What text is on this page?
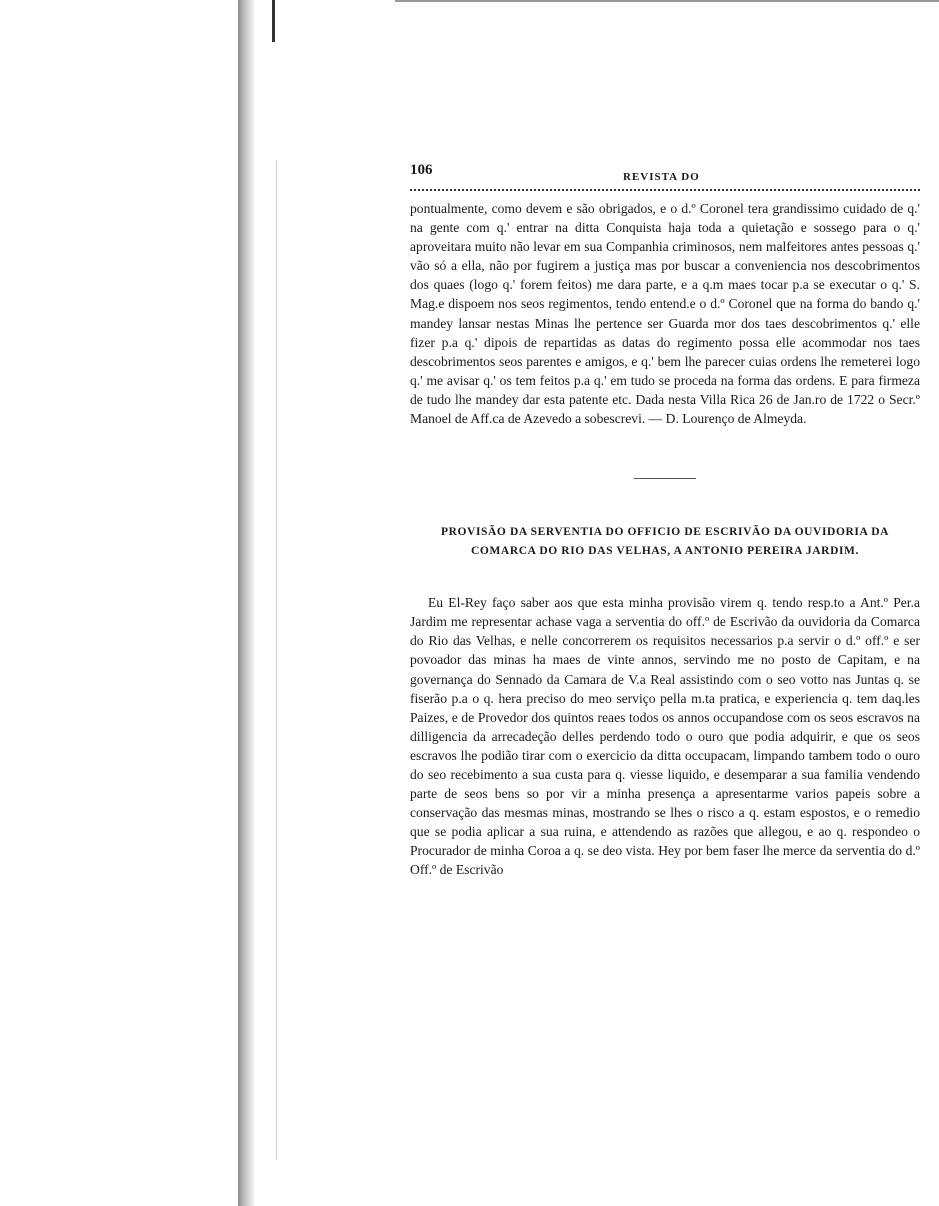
106	REVISTA DO

pontualmente, como devem e são obrigados, e o d.º Coronel tera grandissimo cuidado de q.' na gente com q.' entrar na ditta Conquista haja toda a quietação e sossego para o q.' aproveitara muito não levar em sua Companhia criminosos, nem malfeitores antes pessoas q.' vão só a ella, não por fugirem a justiça mas por buscar a conveniencia nos descobrimentos dos quaes (logo q.' forem feitos) me dara parte, e a q.m maes tocar p.a se executar o q.' S. Mag.e dispoem nos seos regimentos, tendo entend.e o d.º Coronel que na forma do bando q.' mandey lansar nestas Minas lhe pertence ser Guarda mor dos taes descobrimentos q.' elle fizer p.a q.' dipois de repartidas as datas do regimento possa elle acommodar nos taes descobrimentos seos parentes e amigos, e q.' bem lhe parecer cuias ordens lhe remeterei logo q.' me avisar q.' os tem feitos p.a q.' em tudo se proceda na forma das ordens. E para firmeza de tudo lhe mandey dar esta patente etc. Dada nesta Villa Rica 26 de Jan.ro de 1722 o Secr.º Manoel de Aff.ca de Azevedo a sobescrevi. — D. Lourenço de Almeyda.

PROVISÃO DA SERVENTIA DO OFFICIO DE ESCRIVÃO DA OUVIDORIA DA
COMARCA DO RIO DAS VELHAS, A ANTONIO PEREIRA JARDIM.

Eu El-Rey faço saber aos que esta minha provisão virem q. tendo resp.to a Ant.º Per.a Jardim me representar achase vaga a serventia do off.º de Escrivão da ouvidoria da Comarca do Rio das Velhas, e nelle concorrerem os requisitos necessarios p.a servir o d.º off.º e ser povoador das minas ha maes de vinte annos, servindo me no posto de Capitam, e na governança do Sennado da Camara de V.a Real assistindo com o seo votto nas Juntas q. se fiserão p.a o q. hera preciso do meo serviço pella m.ta pratica, e experiencia q. tem daq.les Paizes, e de Provedor dos quintos reaes todos os annos occupandose com os seos escravos na dilligencia da arrecadeção delles perdendo todo o ouro que podia adquirir, e que os seos escravos lhe podião tirar com o exercicio da ditta occupacam, limpando tambem todo o ouro do seo recebimento a sua custa para q. viesse liquido, e desemparar a sua familia vendendo parte de seos bens so por vir a minha presença a apresentarme varios papeis sobre a conservação das mesmas minas, mostrando se lhes o risco a q. estam espostos, e o remedio que se podia aplicar a sua ruina, e attendendo as razões que allegou, e ao q. respondeo o Procurador de minha Coroa a q. se deo vista. Hey por bem faser lhe merce da serventia do d.º Off.º de Escrivão
